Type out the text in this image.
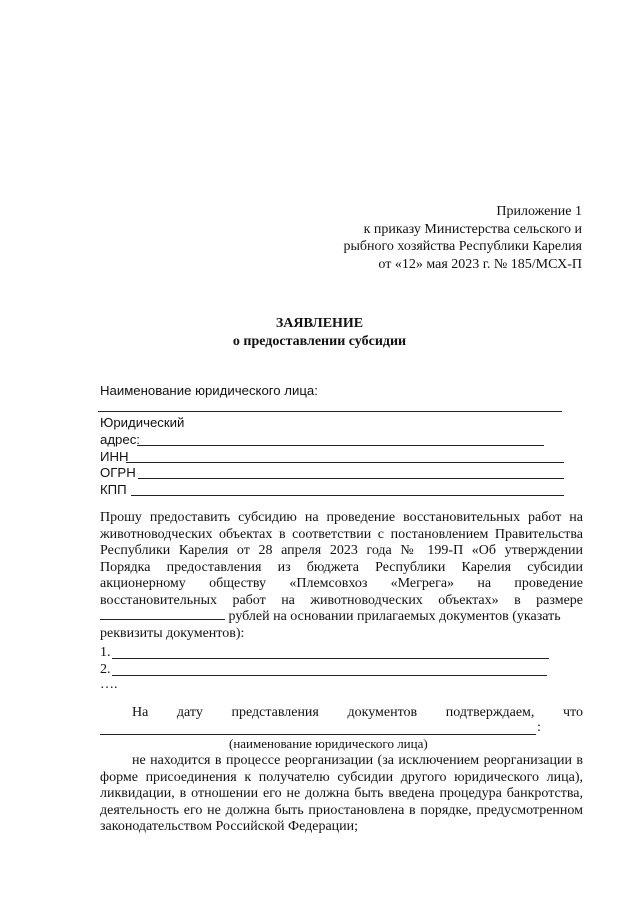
Приложение 1
к приказу Министерства сельского и
рыбного хозяйства Республики Карелия
от «12» мая 2023 г. № 185/МСХ-П
ЗАЯВЛЕНИЕ
о предоставлении субсидии
Наименование юридического лица:
Юридический
адрес:
ИНН
ОГРН
КПП
Прошу предоставить субсидию на проведение восстановительных работ на
животноводческих объектах в соответствии с постановлением Правительства
Республики Карелия от 28 апреля 2023 года № 199-П «Об утверждении
Порядка предоставления из бюджета Республики Карелия субсидии
акционерному обществу «Племсовхоз «Мегрега» на проведение
восстановительных работ на животноводческих объектах» в размере
рублей на основании прилагаемых документов (указать
реквизиты документов):
1.
2.
….
На дату представления документов подтверждаем, что
:
(наименование юридического лица)
не находится в процессе реорганизации (за исключением реорганизации в
форме присоединения к получателю субсидии другого юридического лица),
ликвидации, в отношении его не должна быть введена процедура банкротства,
деятельность его не должна быть приостановлена в порядке, предусмотренном
законодательством Российской Федерации;
